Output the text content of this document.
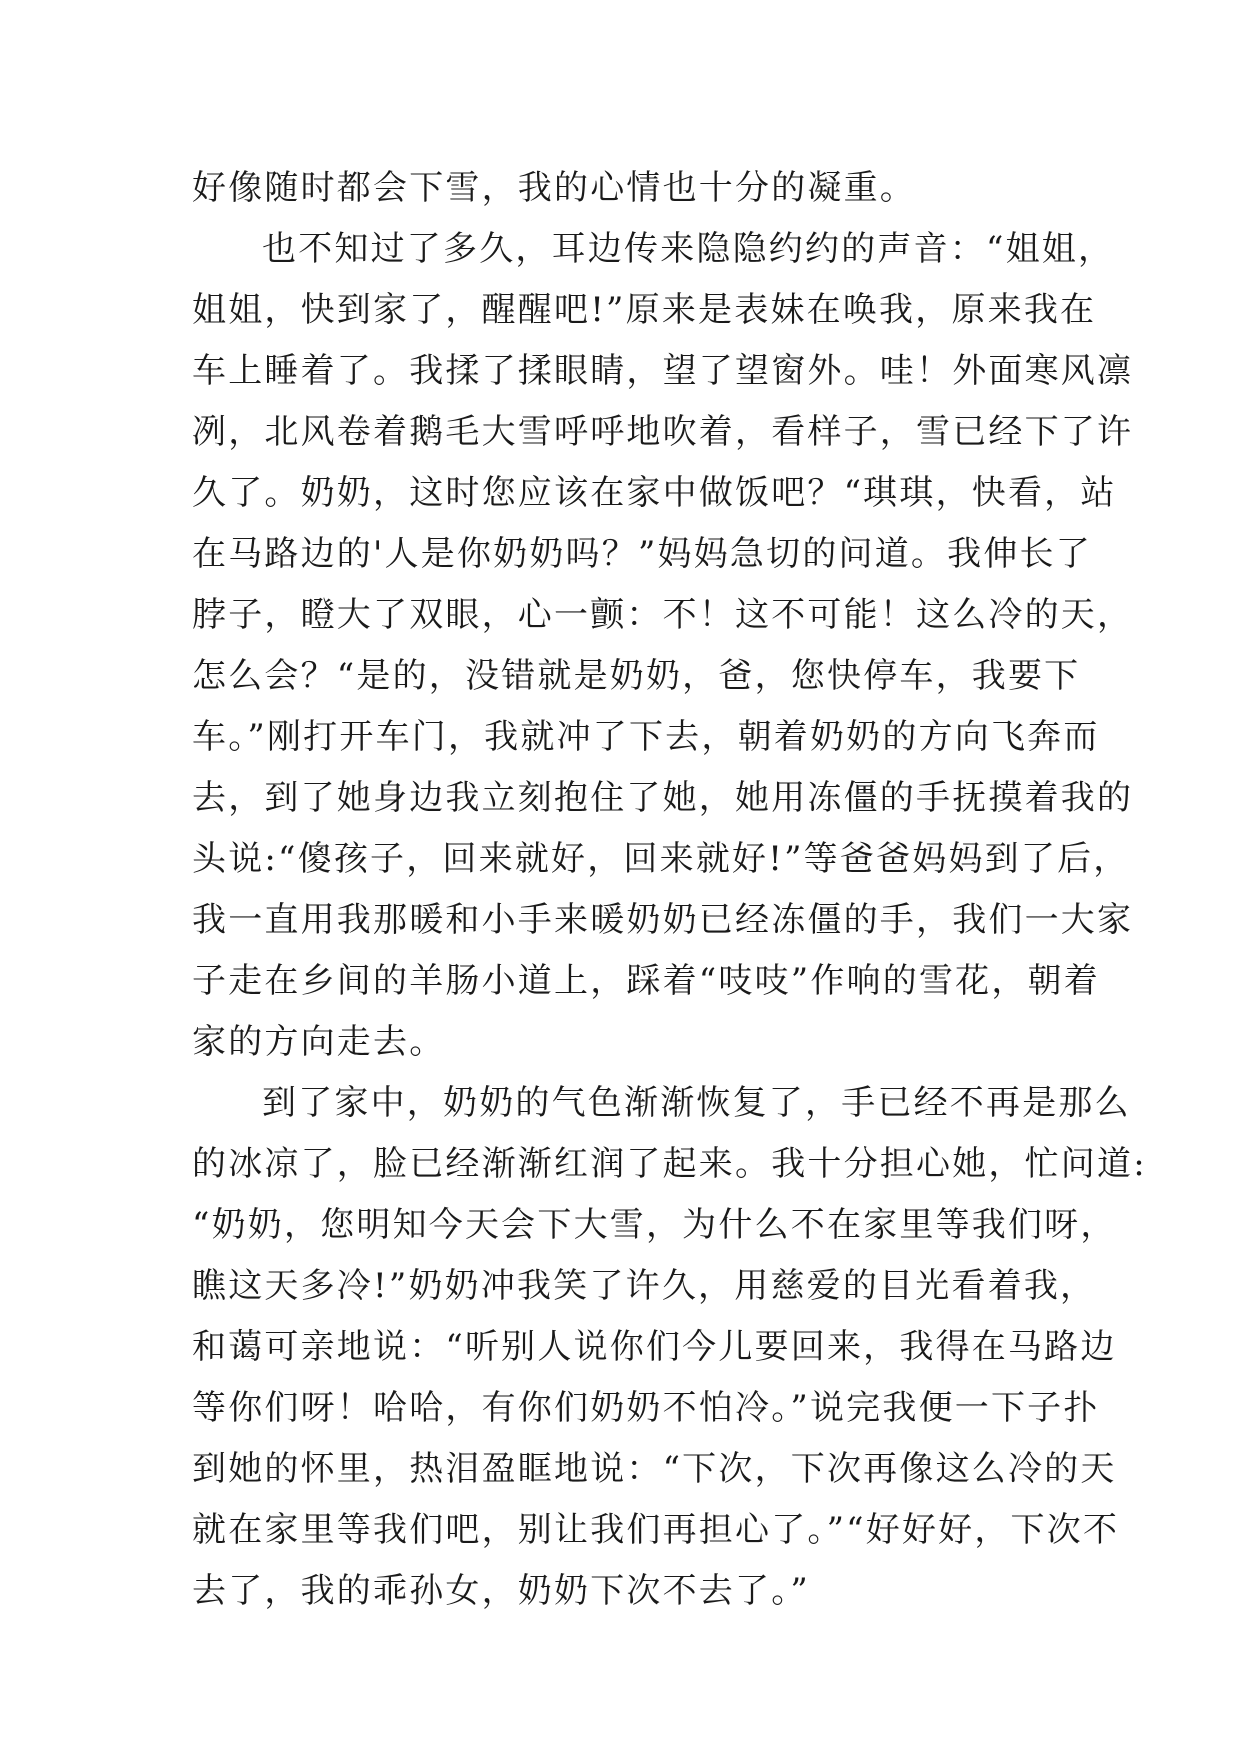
好像随时都会下雪，我的心情也十分的凝重。
也不知过了多久，耳边传来隐隐约约的声音：“姐姐，
姐姐，快到家了，醒醒吧!”原来是表妹在唤我，原来我在
车上睡着了。我揉了揉眼睛，望了望窗外。哇！外面寒风凛
冽，北风卷着鹅毛大雪呼呼地吹着，看样子，雪已经下了许
久了。奶奶，这时您应该在家中做饭吧？“琪琪，快看，站
在马路边的'人是你奶奶吗？”妈妈急切的问道。我伸长了
脖子，瞪大了双眼，心一颤：不！这不可能！这么冷的天，
怎么会？“是的，没错就是奶奶，爸，您快停车，我要下
车。”刚打开车门，我就冲了下去，朝着奶奶的方向飞奔而
去，到了她身边我立刻抱住了她，她用冻僵的手抚摸着我的
头说:“傻孩子，回来就好，回来就好!”等爸爸妈妈到了后，
我一直用我那暖和小手来暖奶奶已经冻僵的手，我们一大家
子走在乡间的羊肠小道上，踩着“吱吱”作响的雪花，朝着
家的方向走去。
到了家中，奶奶的气色渐渐恢复了，手已经不再是那么
的冰凉了，脸已经渐渐红润了起来。我十分担心她，忙问道:
“奶奶，您明知今天会下大雪，为什么不在家里等我们呀，
瞧这天多冷!”奶奶冲我笑了许久，用慈爱的目光看着我，
和蔼可亲地说：“听别人说你们今儿要回来，我得在马路边
等你们呀！哈哈，有你们奶奶不怕冷。”说完我便一下子扑
到她的怀里，热泪盈眶地说：“下次，下次再像这么冷的天
就在家里等我们吧，别让我们再担心了。”“好好好，下次不
去了，我的乖孙女，奶奶下次不去了。”
